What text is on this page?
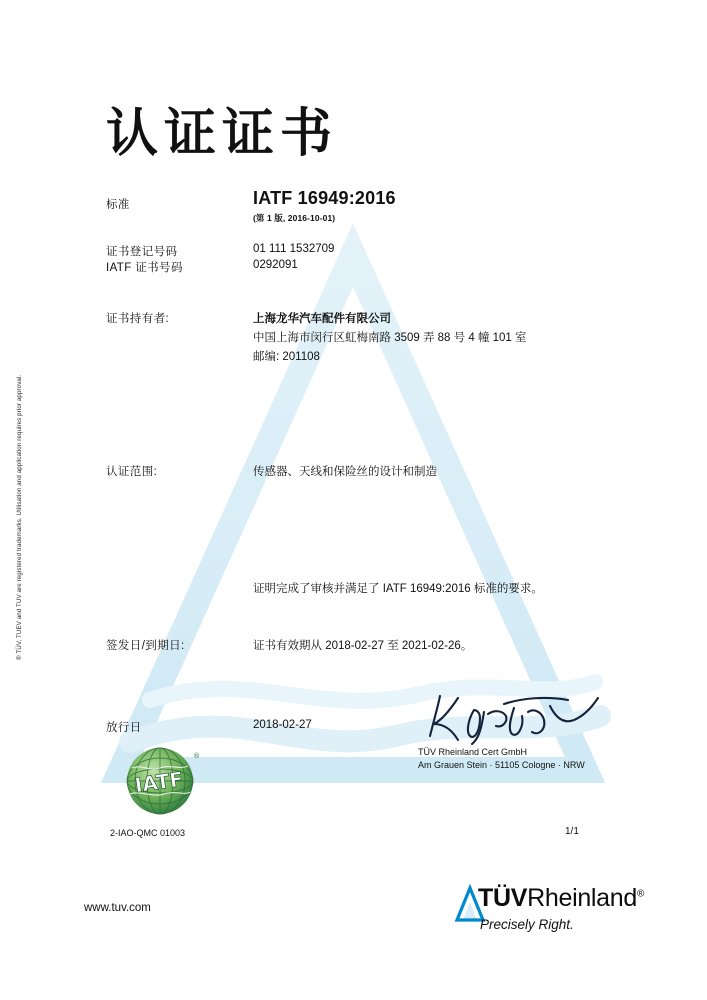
® TÜV, TUEV and TUV are registered trademarks. Utilisation and application requires prior approval.
认证证书
标准	IATF 16949:2016
(第 1 版, 2016-10-01)
证书登记号码	01 111 1532709
IATF 证书号码	0292091
证书持有者:	上海龙华汽车配件有限公司
中国上海市闵行区虹梅南路 3509 弄 88 号 4 幢 101 室
邮编: 201108
认证范围:	传感器、天线和保险丝的设计和制造
证明完成了审核并满足了 IATF 16949:2016 标准的要求。
签发日/到期日:	证书有效期从 2018-02-27 至 2021-02-26。
放行日	2018-02-27
TÜV Rheinland Cert GmbH
Am Grauen Stein · 51105 Cologne · NRW
IATF
®
2-IAO-QMC 01003	1/1
www.tuv.com	TÜVRheinland®
Precisely Right.
